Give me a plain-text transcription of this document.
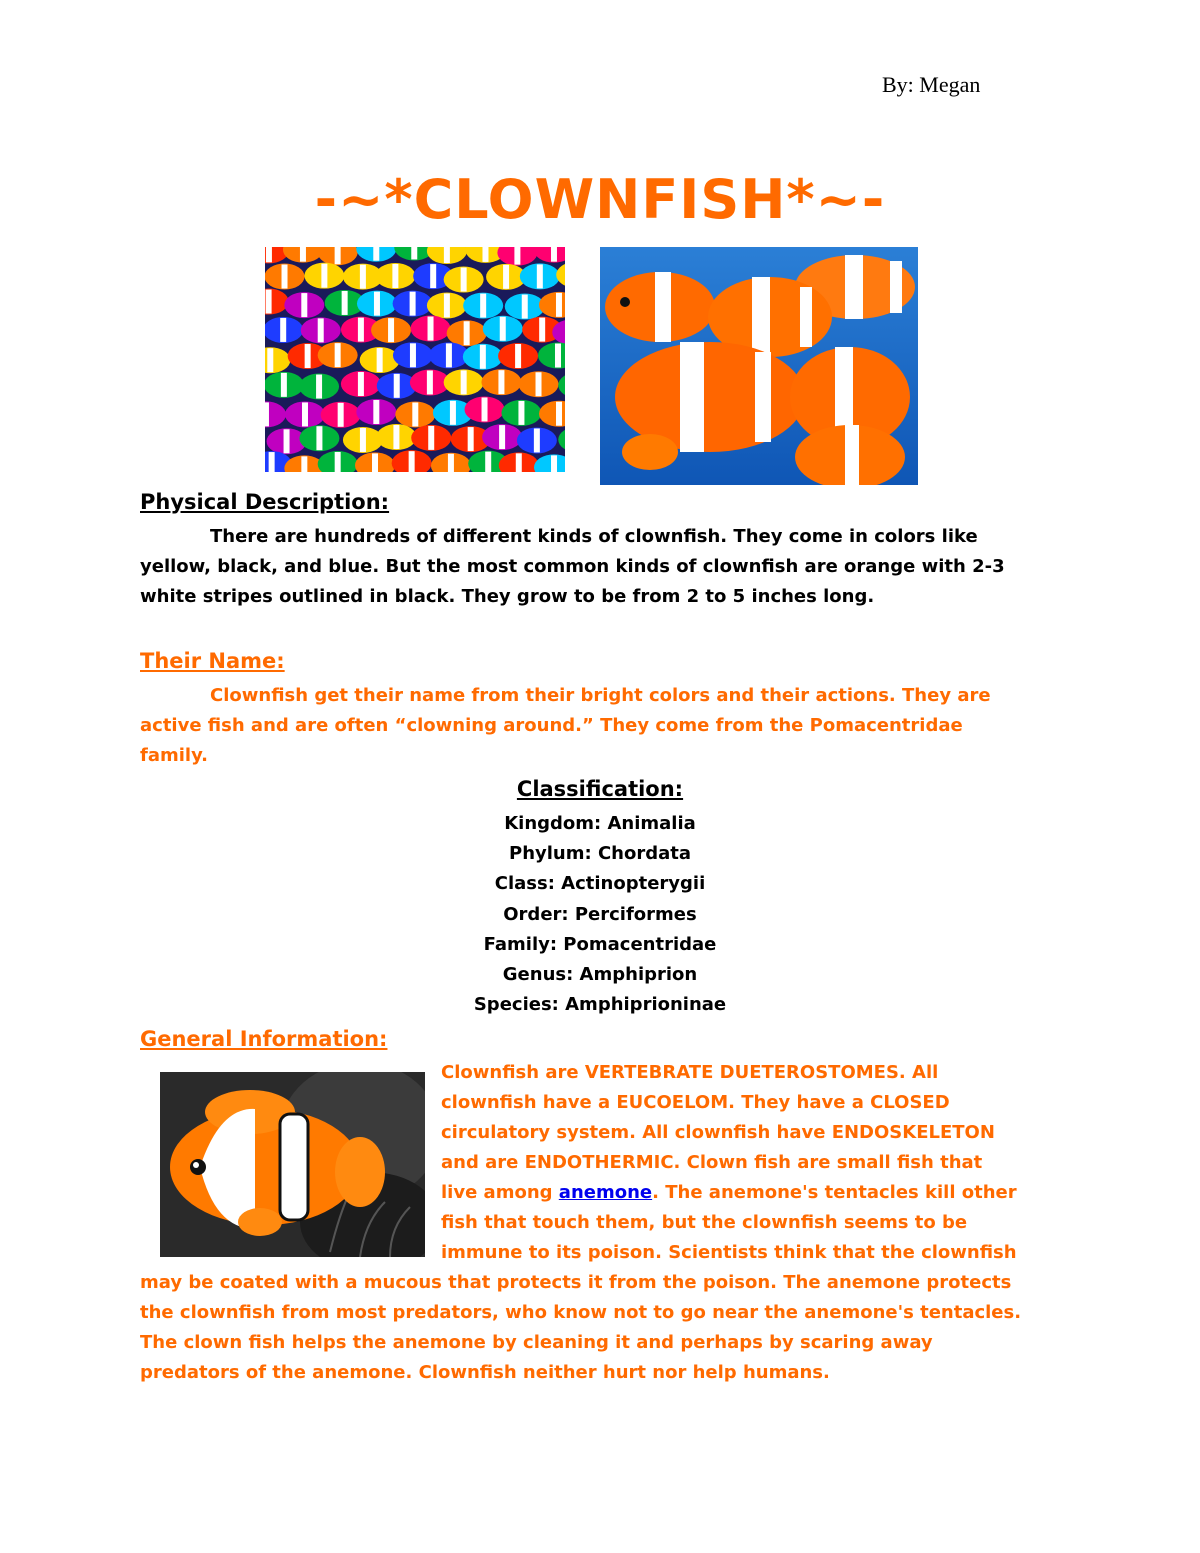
By: Megan
-~*CLOWNFISH*~-
Physical Description:
There are hundreds of different kinds of clownfish. They come in colors like
yellow, black, and blue. But the most common kinds of clownfish are orange with 2-3
white stripes outlined in black. They grow to be from 2 to 5 inches long.
Their Name:
Clownfish get their name from their bright colors and their actions. They are
active fish and are often “clowning around.” They come from the Pomacentridae
family.
Classification:
Kingdom: Animalia
Phylum: Chordata
Class: Actinopterygii
Order: Perciformes
Family: Pomacentridae
Genus: Amphiprion
Species: Amphiprioninae
General Information:
Clownfish are VERTEBRATE DUETEROSTOMES. All
clownfish have a EUCOELOM. They have a CLOSED
circulatory system. All clownfish have ENDOSKELETON
and are ENDOTHERMIC. Clown fish are small fish that
live among anemone. The anemone's tentacles kill other
fish that touch them, but the clownfish seems to be
immune to its poison. Scientists think that the clownfish
may be coated with a mucous that protects it from the poison. The anemone protects
the clownfish from most predators, who know not to go near the anemone's tentacles.
The clown fish helps the anemone by cleaning it and perhaps by scaring away
predators of the anemone. Clownfish neither hurt nor help humans.
